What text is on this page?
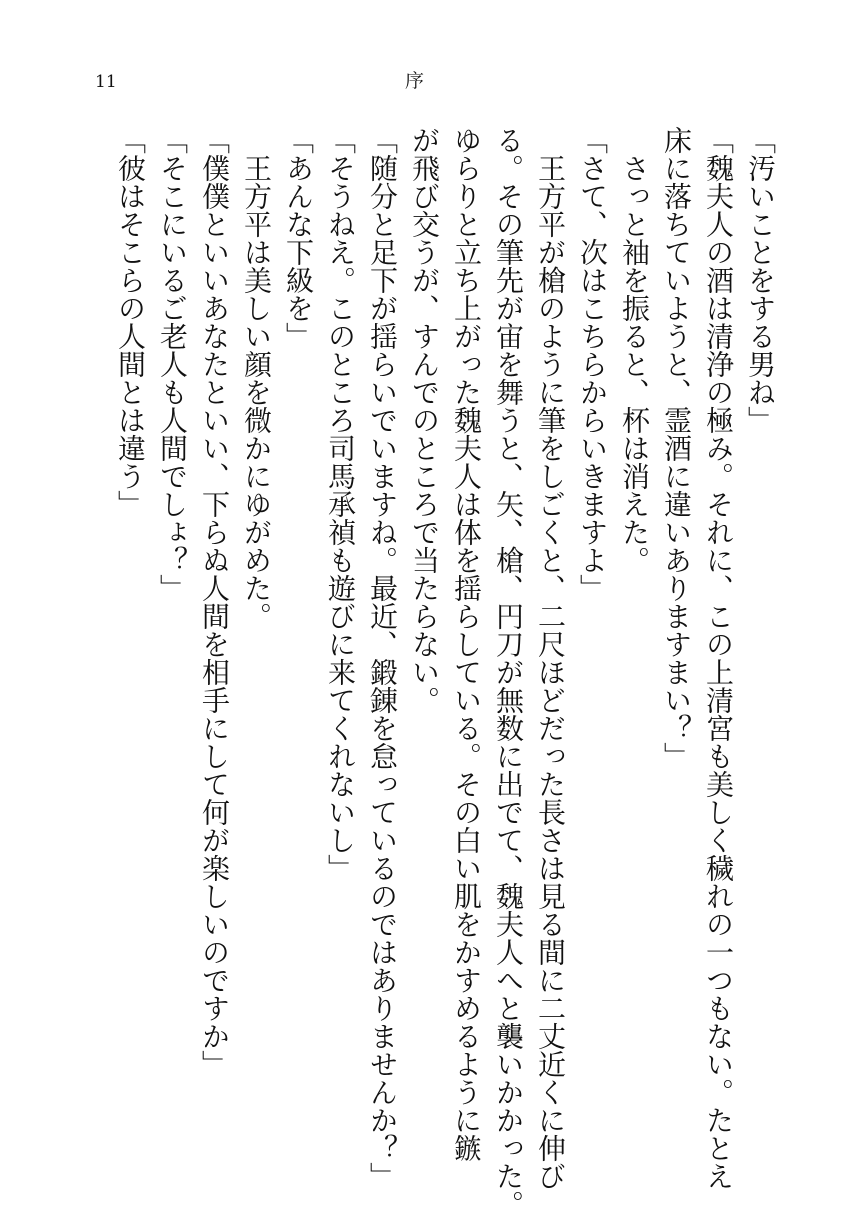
11	序

「汚いことをする男ね」

「魏夫人の酒は清浄の極み。それに、この上清宮も美しく穢れの一つもない。たとえ

床に落ちていようと、霊酒に違いありますまい？」

　さっと袖を振ると、杯は消えた。

「さて、次はこちらからいきますよ」

　王方平が槍のように筆をしごくと、二尺ほどだった長さは見る間に二丈近くに伸び

る。その筆先が宙を舞うと、矢、槍、円刀が無数に出でて、魏夫人へと襲いかかった。

ゆらりと立ち上がった魏夫人は体を揺らしている。その白い肌をかすめるように鏃

が飛び交うが、すんでのところで当たらない。

「随分と足下が揺らいでいますね。最近、鍛錬を怠っているのではありませんか？」

「そうねえ。このところ司馬承禎も遊びに来てくれないし」

「あんな下級を」

　王方平は美しい顔を微かにゆがめた。

「僕僕といいあなたといい、下らぬ人間を相手にして何が楽しいのですか」

「そこにいるご老人も人間でしょ？」

「彼はそこらの人間とは違う」
